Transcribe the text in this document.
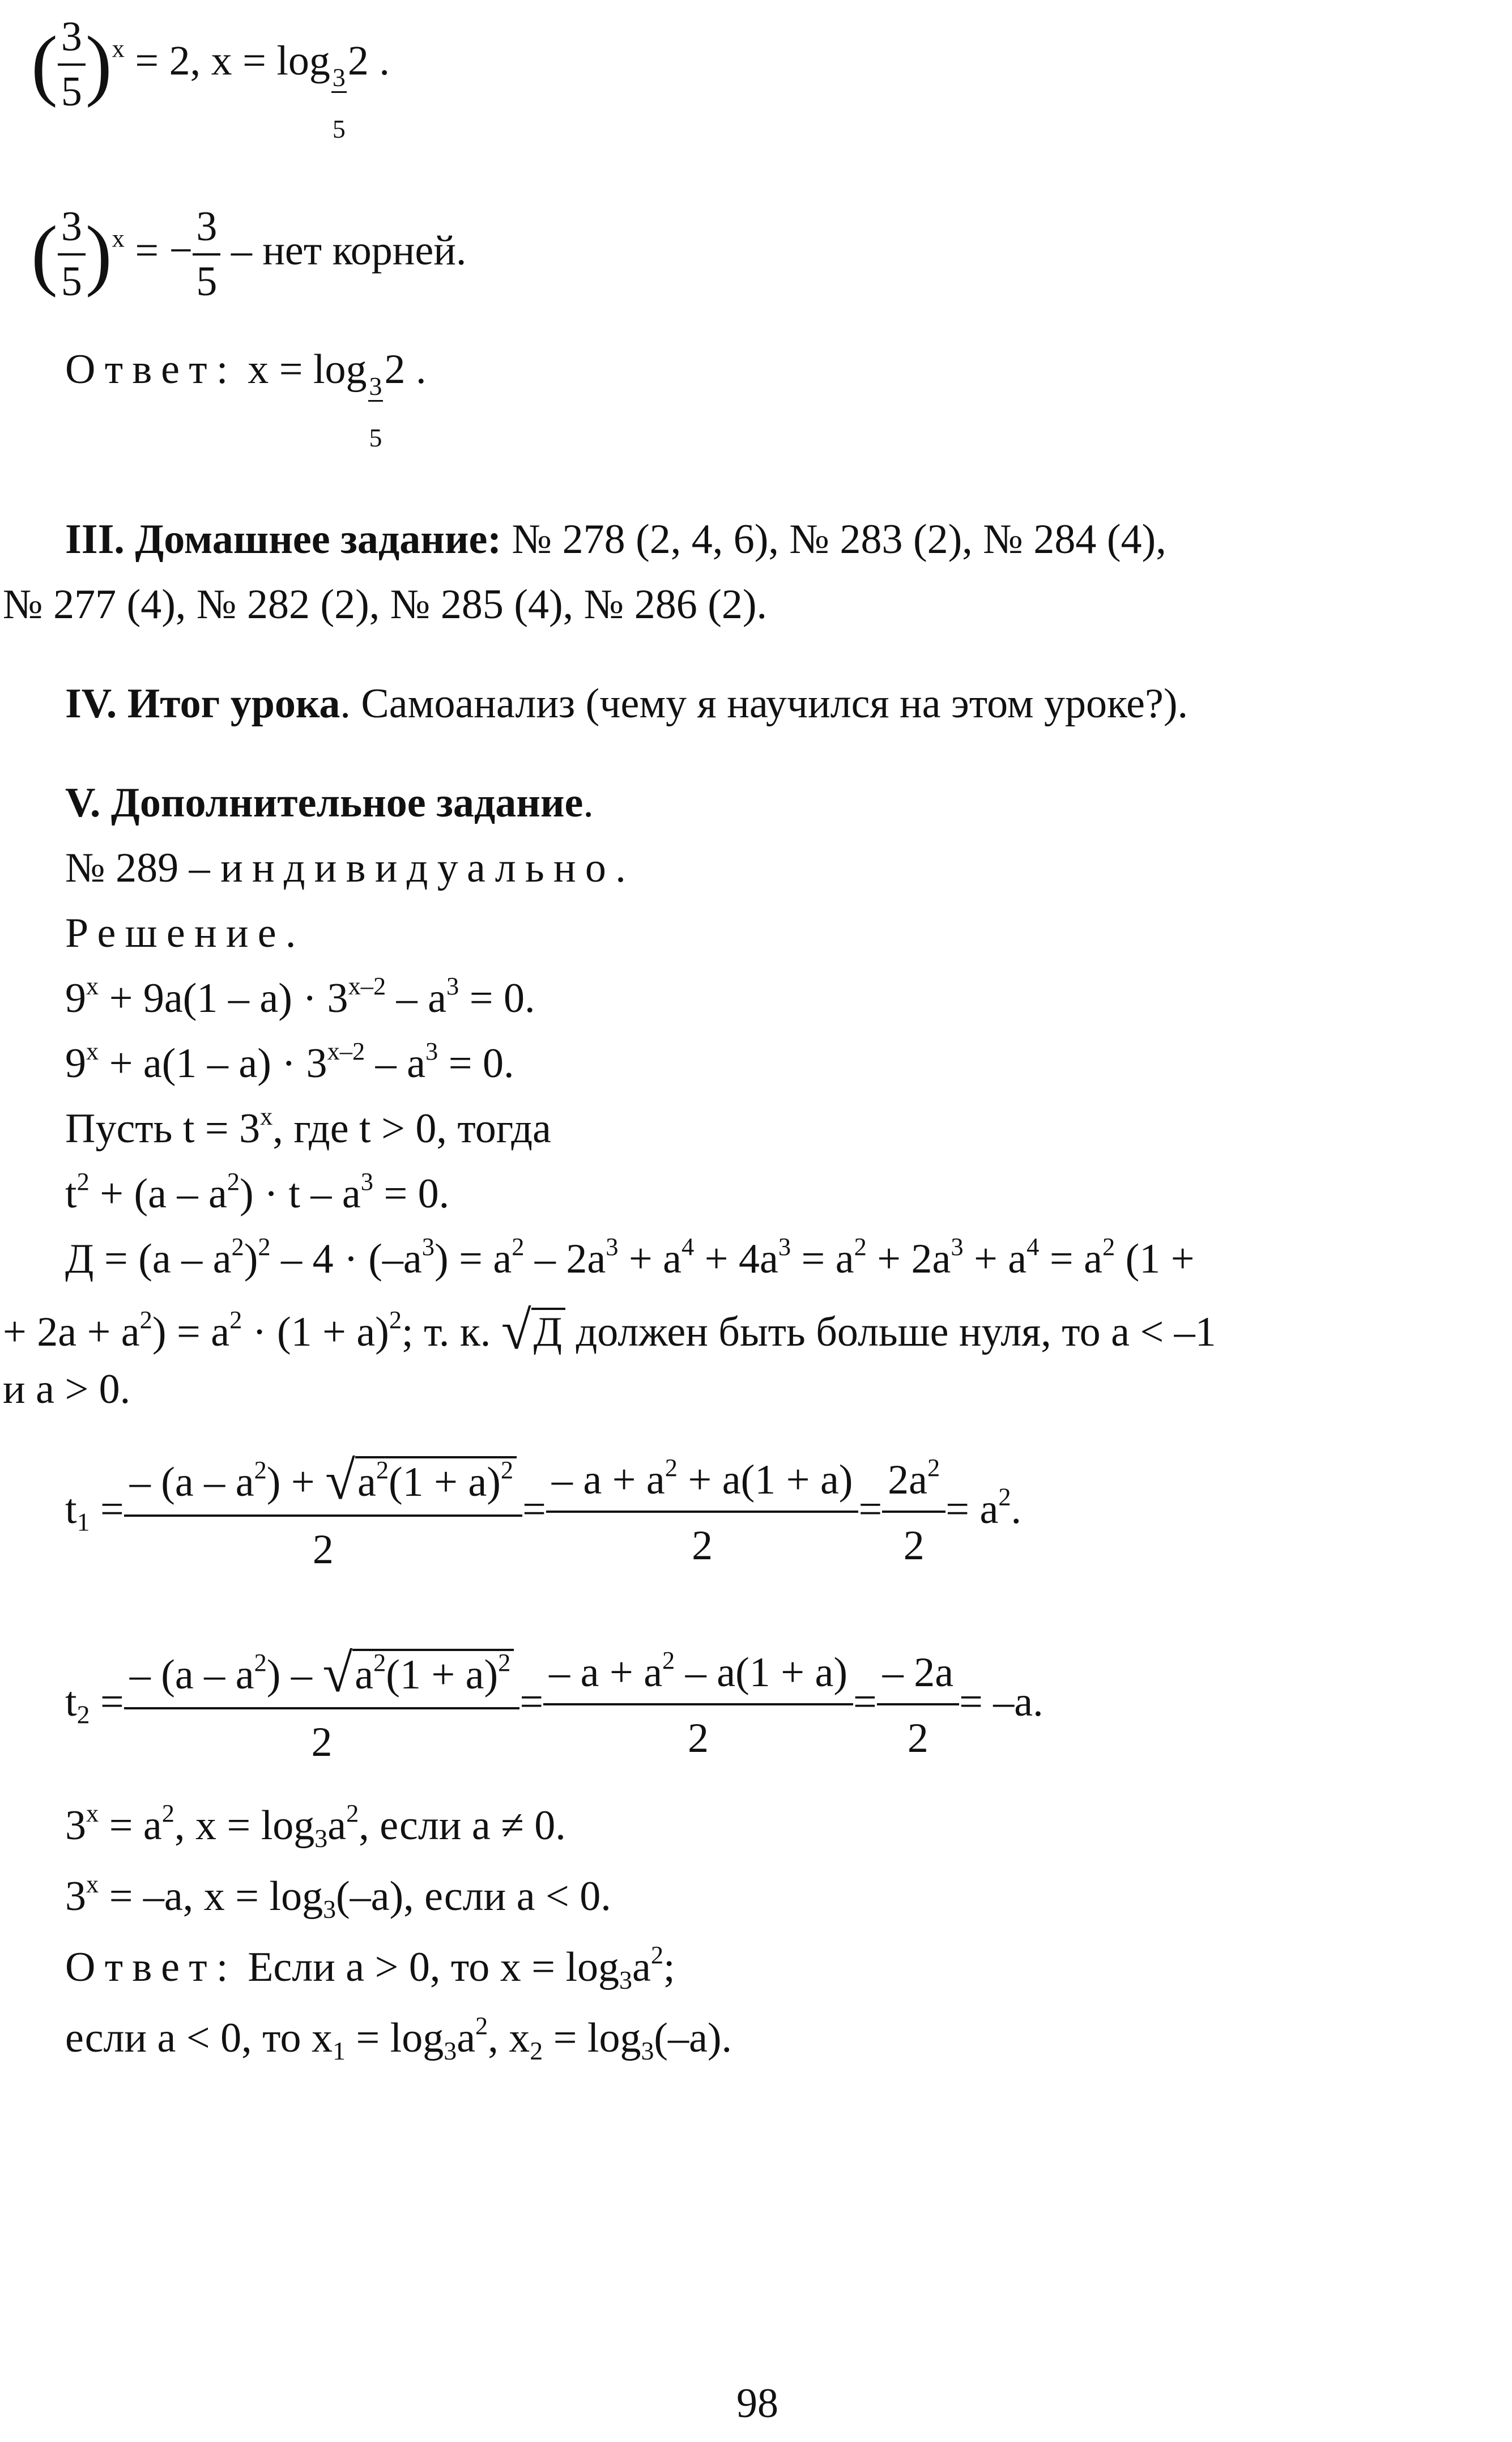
( $\frac{3}{5} )^x = 2$, x = log
$\frac{3}{5}$
2 .
( $\frac{3}{5} )^x$ = − $\frac{3}{5}$ – нет корней.
Ответ: x = log
$\frac{3}{5}$
2 .
III. Домашнее задание: № 278 (2, 4, 6), № 283 (2), № 284 (4),
№ 277 (4), № 282 (2), № 285 (4), № 286 (2).
IV. Итог урока. Самоанализ (чему я научился на этом уроке?).
V. Дополнительное задание.
№ 289 – индивидуально.
Решение.
$9^x + 9a(1 - a) \cdot 3^{x-2} - a^3 = 0$.
$9^x + a(1 - a) \cdot 3^{x-2} - a^3 = 0$.
Пусть $t = 3^x$, где t > 0, тогда
$t^2 + (a - a^2) \cdot t - a^3 = 0$.
$Д = (a - a^2)^2 - 4 \cdot (-a^3) = a^2 - 2a^3 + a^4 + 4a^3 = a^2 + 2a^3 + a^4 = a^2$ (1 +
+ $2a + a^2) = a^2 \cdot (1 + a)^2$; т. к. √Д должен быть больше нуля, то a < –1
и a > 0.
$t_1 = \frac{- (a - a^2) + √a^2(1 + a)^2}{2} = \frac{- a + a^2 + a(1 + a)}{2} = \frac{2a^2}{2} = a^2$.
$t_2 = \frac{- (a - a^2) - √a^2(1 + a)^2}{2} = \frac{- a + a^2 - a(1 + a)}{2} = \frac{- 2a}{2} = -a$.
$3^x = a^2$, $x = \log_3a^2$, если a ≠ 0.
$3^x = -a$, $x = \log_3(-a)$, если a < 0.
Ответ: Если a > 0, то $x = \log_3a^2$;
если a < 0, то $x_1 = \log_3a^2$, $x_2 = \log_3(-a)$.
98
